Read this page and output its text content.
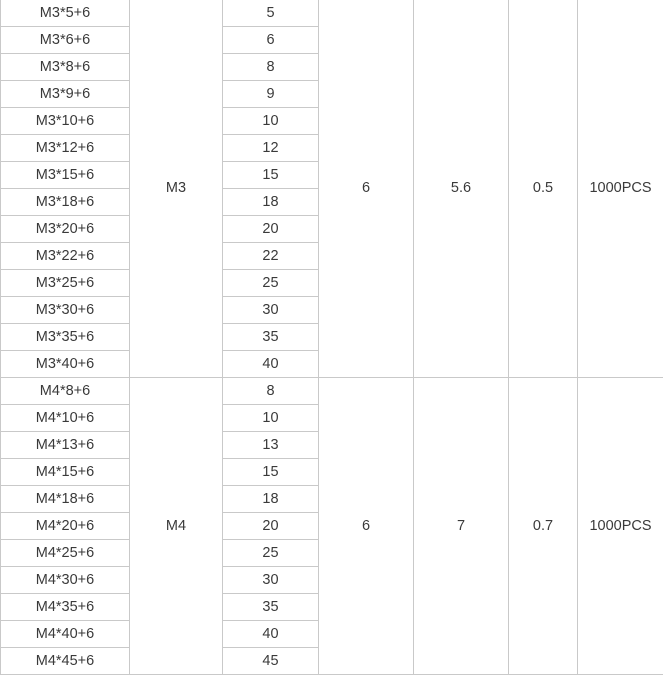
M3*5+6	M3	5	6	5.6	0.5	1000PCS
M3*6+6		6				
M3*8+6		8				
M3*9+6		9				
M3*10+6		10				
M3*12+6		12				
M3*15+6		15				
M3*18+6		18				
M3*20+6		20				
M3*22+6		22				
M3*25+6		25				
M3*30+6		30				
M3*35+6		35				
M3*40+6		40				
M4*8+6	M4	8	6	7	0.7	1000PCS
M4*10+6		10				
M4*13+6		13				
M4*15+6		15				
M4*18+6		18				
M4*20+6		20				
M4*25+6		25				
M4*30+6		30				
M4*35+6		35				
M4*40+6		40				
M4*45+6		45				
